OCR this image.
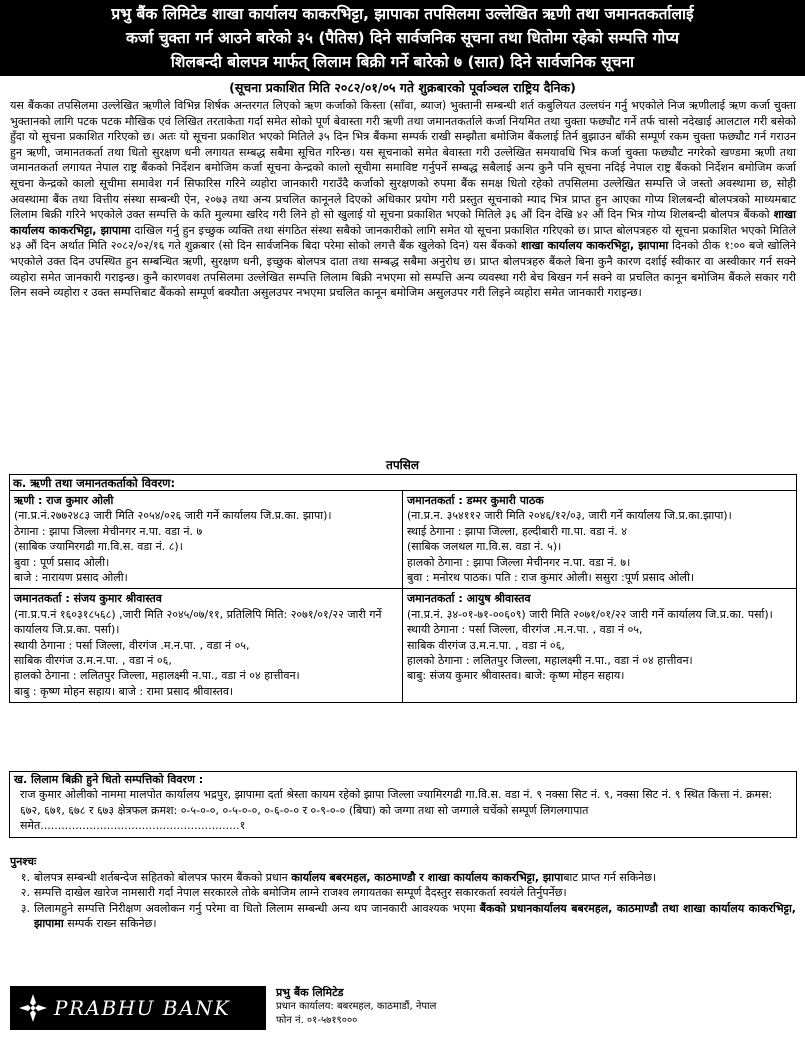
प्रभु बैंक लिमिटेड शाखा कार्यालय काकरभिट्टा, झापाका तपसिलमा उल्लेखित ऋणी तथा जमानतकर्तालाई
कर्जा चुक्ता गर्न आउने बारेको ३५ (पैतिस) दिने सार्वजनिक सूचना तथा धितोमा रहेको सम्पत्ति गोप्य
शिलबन्दी बोलपत्र मार्फत् लिलाम बिक्री गर्ने बारेको ७ (सात) दिने सार्वजनिक सूचना
(सूचना प्रकाशित मिति २०८२/०१/०५ गते शुक्रबारको पूर्वाञ्चल राष्ट्रिय दैनिक)
यस बैंकका तपसिलमा उल्लेखित ऋणीले विभिन्न शिर्षक अन्तरगत लिएको ऋण कर्जाको किस्ता (साँवा, ब्याज) भुक्तानी सम्बन्धी शर्त कबुलियत उल्लघंन गर्नु भएकोले निज ऋणीलाई ऋण कर्जा चुक्ता भुक्तानको लागि पटक पटक मौखिक एवं लिखित तरताकेता गर्दा समेत सोको पूर्ण बेवास्ता गरी ऋणी तथा जमानतकर्ताले कर्जा नियमित तथा चुक्ता फछ्यौट गर्ने तर्फ चासो नदेखाई आलटाल गरी बसेको हुँदा यो सूचना प्रकाशित गरिएको छ। अतः यो सूचना प्रकाशित भएको मितिले ३५ दिन भित्र बैंकमा सम्पर्क राखी सम्झौता बमोजिम बैंकलाई तिर्न बुझाउन बाँकी सम्पूर्ण रकम चुक्ता फछ्यौट गर्न गराउन हुन ऋणी, जमानतकर्ता तथा धितो सुरक्षण धनी लगायत सम्बद्ध सबैमा सूचित गरिन्छ। यस सूचनाको समेत बेवास्ता गरी उल्लेखित समयावधि भित्र कर्जा चुक्ता फछ्यौट नगरेको खण्डमा ऋणी तथा जमानतकर्ता लगायत नेपाल राष्ट्र बैंकको निर्देशन बमोजिम कर्जा सूचना केन्द्रको कालो सूचीमा समाविष्ट गर्नुपर्ने सम्बद्ध सबैलाई अन्य कुनै पनि सूचना नदिई नेपाल राष्ट्र बैंकको निर्देशन बमोजिम कर्जा सूचना केन्द्रको कालो सूचीमा समावेश गर्न सिफारिस गरिने व्यहोरा जानकारी गराउँदै कर्जाको सुरक्षणको रुपमा बैंक समक्ष धितो रहेको तपसिलमा उल्लेखित सम्पत्ति जे जस्तो अवस्थामा छ, सोही अवस्थामा बैंक तथा वित्तीय संस्था सम्बन्धी ऐन, २०७३ तथा अन्य प्रचलित कानूनले दिएको अधिकार प्रयोग गरी प्रस्तुत सूचनाको म्याद भित्र प्राप्त हुन आएका गोप्य शिलबन्दी बोलपत्रको माध्यमबाट लिलाम बिक्री गरिने भएकोले उक्त सम्पत्ति के कति मुल्यमा खरिद गरी लिने हो सो खुलाई यो सूचना प्रकाशित भएको मितिले ३६ औं दिन देखि ४२ औं दिन भित्र गोप्य शिलबन्दी बोलपत्र बैंकको शाखा कार्यालय काकरभिट्टा, झापामा दाखिल गर्नु हुन इच्छुक व्यक्ति तथा संगठित संस्था सबैको जानकारीको लागि समेत यो सूचना प्रकाशित गरिएको छ। प्राप्त बोलपत्रहरु यो सूचना प्रकाशित भएको मितिले ४३ औं दिन अर्थात मिति २०८२/०२/१६ गते शुक्रबार (सो दिन सार्वजनिक बिदा परेमा सोको लगत्तै बैंक खुलेको दिन) यस बैंकको शाखा कार्यालय काकरभिट्टा, झापामा दिनको ठीक १:०० बजे खोलिने भएकोले उक्त दिन उपस्थित हुन सम्बन्धित ऋणी, सुरक्षण धनी, इच्छुक बोलपत्र दाता तथा सम्बद्ध सबैमा अनुरोध छ। प्राप्त बोलपत्रहरु बैंकले बिना कुनै कारण दर्शाई स्वीकार वा अस्वीकार गर्न सक्ने व्यहोरा समेत जानकारी गराइन्छ। कुनै कारणवश तपसिलमा उल्लेखित सम्पत्ति लिलाम बिक्री नभएमा सो सम्पत्ति अन्य व्यवस्था गरी बेच बिखन गर्न सक्ने वा प्रचलित कानून बमोजिम बैंकले सकार गरी लिन सक्ने व्यहोरा र उक्त सम्पत्तिबाट बैंकको सम्पूर्ण बक्यौता असुलउपर नभएमा प्रचलित कानून बमोजिम असुलउपर गरी लिइने व्यहोरा समेत जानकारी गराइन्छ।
तपसिल
क. ऋणी तथा जमानतकर्ताको विवरण:
ऋणी : राज कुमार ओली
(ना.प्र.नं.२७७२४८३ जारी मिति २०५४/०२६ जारी गर्ने कार्यालय जि.प्र.का. झापा)।
ठेगाना : झापा जिल्ला मेचीनगर न.पा. वडा नं. ७
(साबिक ज्यामिरगढी गा.वि.स. वडा नं. ८)।
बुवा : पूर्ण प्रसाद ओली।
बाजे : नारायण प्रसाद ओली।
जमानतकर्ता : डम्मर कुमारी पाठक
(ना.प्र.न. ३५४११२ जारी मिति २०४६/१२/०३, जारी गर्ने कार्यालय जि.प्र.का.झापा)।
स्थाई ठेगाना : झापा जिल्ला, हल्दीबारी गा.पा. वडा नं. ४
(साबिक जलथल गा.वि.स. वडा नं. ५)।
हालको ठेगाना : झापा जिल्ला मेचीनगर न.पा. वडा नं. ७।
बुवा : मनोरथ पाठक। पति : राज कुमार ओली। ससुरा :पूर्ण प्रसाद ओली।
जमानतकर्ता : संजय कुमार श्रीवास्तव
(ना.प्र.प.नं १६०३१८५६८) ,जारी मिति २०४५/०७/११, प्रतिलिपि मिति: २०७१/०१/२२ जारी गर्ने कार्यालय जि.प्र.का. पर्सा)।
स्थायी ठेगाना : पर्सा जिल्ला, वीरगंज .म.न.पा. , वडा नं ०५,
साबिक वीरगंज उ.म.न.पा. , वडा नं ०६,
हालको ठेगाना : ललितपुर जिल्ला, महालक्ष्मी न.पा., वडा नं ०४ हात्तीवन।
बाबु : कृष्ण मोहन सहाय। बाजे : रामा प्रसाद श्रीवास्तव।
जमानतकर्ता : आयुष श्रीवास्तव
(ना.प्र.नं. ३४-०१-७१-००६०९) जारी मिति २०७१/०१/२२ जारी गर्ने कार्यालय जि.प्र.का. पर्सा)।
स्थायी ठेगाना : पर्सा जिल्ला, वीरगंज .म.न.पा. , वडा नं ०५,
साबिक वीरगंज उ.म.न.पा. , वडा नं ०६,
हालको ठेगाना : ललितपुर जिल्ला, महालक्ष्मी न.पा., वडा नं ०४ हात्तीवन।
बाबु: संजय कुमार श्रीवास्तव। बाजे: कृष्ण मोहन सहाय।
ख. लिलाम बिक्री हुने धितो सम्पत्तिको विवरण :
राज कुमार ओलीको नाममा मालपोत कार्यालय भद्रपुर, झापामा दर्ता श्रेस्ता कायम रहेको झापा जिल्ला ज्यामिरगढी गा.वि.स. वडा नं. ९ नक्सा सिट नं. ९, नक्सा सिट नं. ९ स्थित कित्ता नं. क्रमस: ६७२, ६७१, ६७८ र ६७३ क्षेत्रफल क्रमश: ०-५-०-०, ०-५-०-०, ०-६-०-० र ०-९-०-० (बिघा) को जग्गा तथा सो जग्गाले चर्चेको सम्पूर्ण लिगलगापात समेत.........................................................१
पुनश्चः
१. बोलपत्र सम्बन्धी शर्तबन्देज सहितको बोलपत्र फारम बैंकको प्रधान कार्यालय बबरमहल, काठमाण्डौ र शाखा कार्यालय काकरभिट्टा, झापाबाट प्राप्त गर्न सकिनेछ।
२. सम्पत्ति दाखेल खारेज नामसारी गर्दा नेपाल सरकारले तोके बमोजिम लाग्ने राजश्व लगायतका सम्पूर्ण दैदस्तुर सकारकर्ता स्वयंले तिर्नुपर्नेछ।
३. लिलामहुने सम्पत्ति निरीक्षण अवलोकन गर्नु परेमा वा धितो लिलाम सम्बन्धी अन्य थप जानकारी आवश्यक भएमा बैंकको प्रधानकार्यालय बबरमहल, काठमाण्डौ तथा शाखा कार्यालय काकरभिट्टा, झापामा सम्पर्क राख्न सकिनेछ।
PRABHU BANK
प्रभु बैंक लिमिटेड
प्रधान कार्यालय: बबरमहल, काठमाडौं, नेपाल
फोन नं. ०१-५७१९०००
